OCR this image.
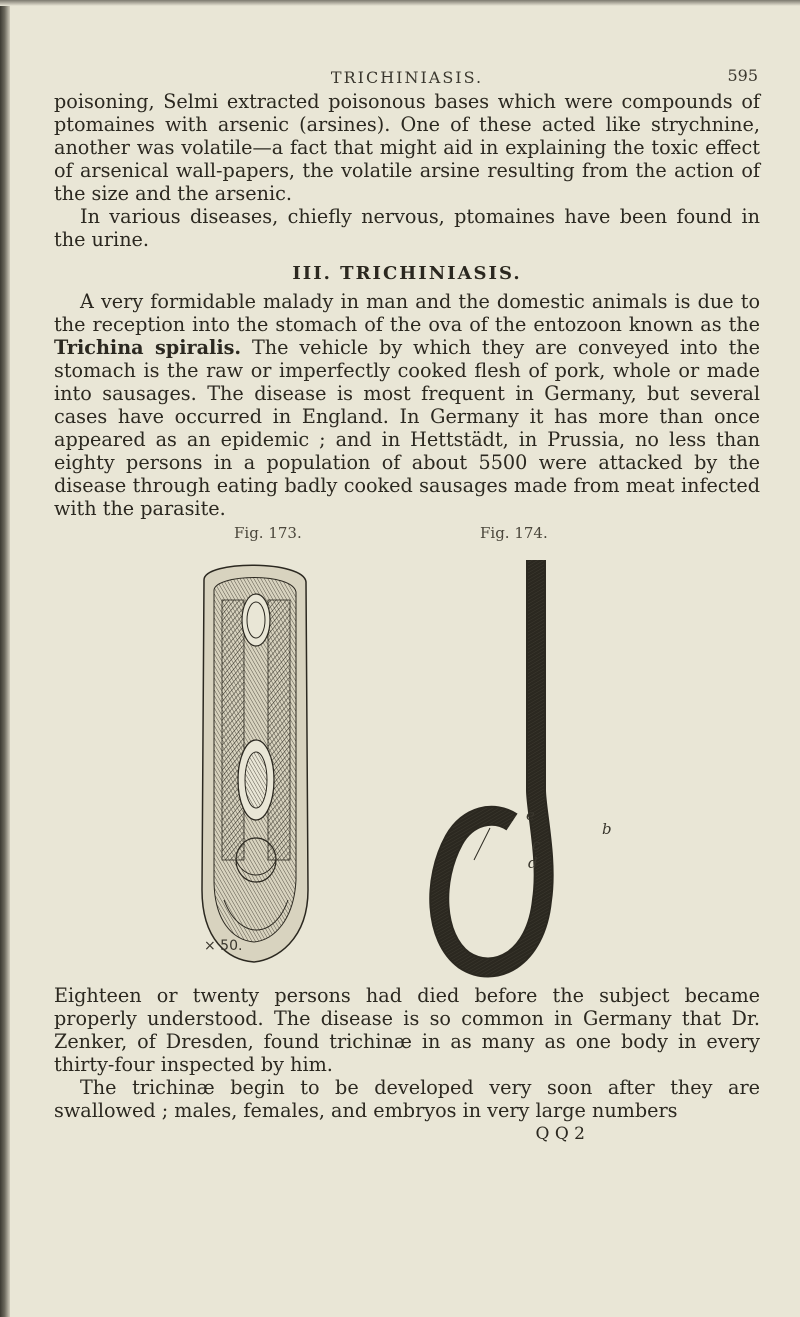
TRICHINIASIS.	595

poisoning, Selmi extracted poisonous bases which were compounds of ptomaines with arsenic (arsines). One of these acted like strychnine, another was volatile—a fact that might aid in explaining the toxic effect of arsenical wall-papers, the volatile arsine resulting from the action of the size and the arsenic.

In various diseases, chiefly nervous, ptomaines have been found in the urine.

III. TRICHINIASIS.

A very formidable malady in man and the domestic animals is due to the reception into the stomach of the ova of the entozoon known as the Trichina spiralis. The vehicle by which they are conveyed into the stomach is the raw or imperfectly cooked flesh of pork, whole or made into sausages. The disease is most frequent in Germany, but several cases have occurred in England. In Germany it has more than once appeared as an epidemic ; and in Hettstädt, in Prussia, no less than eighty persons in a population of about 5500 were attacked by the disease through eating badly cooked sausages made from meat infected with the parasite.

Fig. 173.	Fig. 174.
× 50.
b
e
c
d

Eighteen or twenty persons had died before the subject became properly understood. The disease is so common in Germany that Dr. Zenker, of Dresden, found trichinæ in as many as one body in every thirty-four inspected by him.

The trichinæ begin to be developed very soon after they are swallowed ; males, females, and embryos in very large numbers

Q Q 2
